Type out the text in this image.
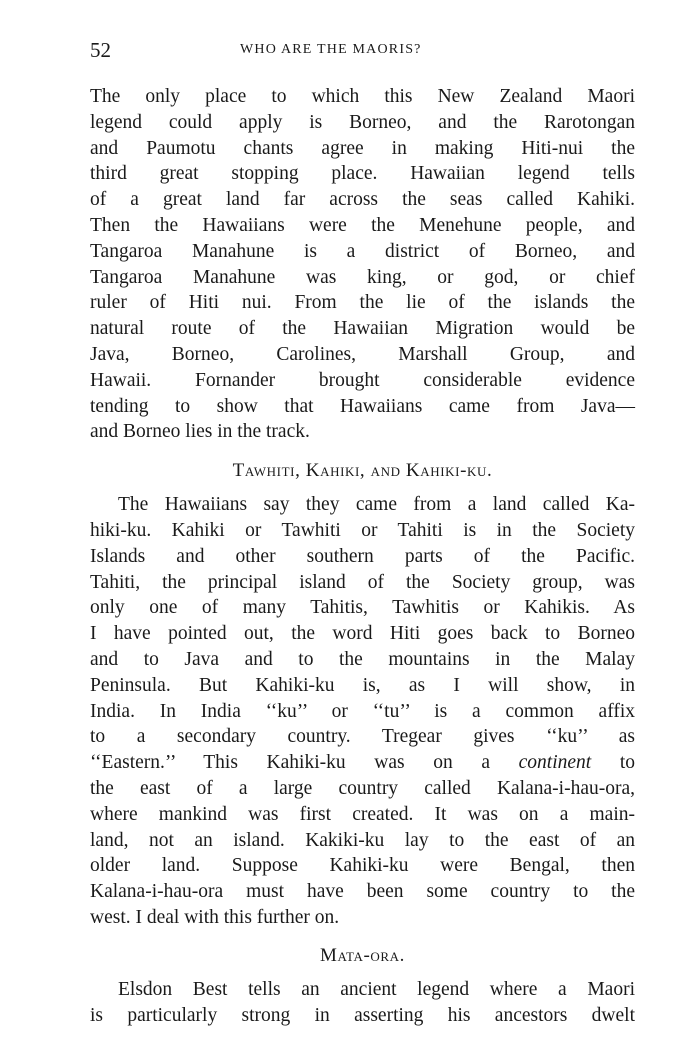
52	WHO ARE THE MAORIS?
The only place to which this New Zealand Maori
legend could apply is Borneo, and the Rarotongan
and Paumotu chants agree in making Hiti-nui the
third great stopping place. Hawaiian legend tells
of a great land far across the seas called Kahiki.
Then the Hawaiians were the Menehune people, and
Tangaroa Manahune is a district of Borneo, and
Tangaroa Manahune was king, or god, or chief
ruler of Hiti nui. From the lie of the islands the
natural route of the Hawaiian Migration would be
Java, Borneo, Carolines, Marshall Group, and
Hawaii. Fornander brought considerable evidence
tending to show that Hawaiians came from Java—
and Borneo lies in the track.
Tawhiti, Kahiki, and Kahiki-ku.
The Hawaiians say they came from a land called Ka-
hiki-ku. Kahiki or Tawhiti or Tahiti is in the Society
Islands and other southern parts of the Pacific.
Tahiti, the principal island of the Society group, was
only one of many Tahitis, Tawhitis or Kahikis. As
I have pointed out, the word Hiti goes back to Borneo
and to Java and to the mountains in the Malay
Peninsula. But Kahiki-ku is, as I will show, in
India. In India ‘‘ku’’ or ‘‘tu’’ is a common affix
to a secondary country. Tregear gives ‘‘ku’’ as
‘‘Eastern.’’ This Kahiki-ku was on a continent to
the east of a large country called Kalana-i-hau-ora,
where mankind was first created. It was on a main-
land, not an island. Kakiki-ku lay to the east of an
older land. Suppose Kahiki-ku were Bengal, then
Kalana-i-hau-ora must have been some country to the
west. I deal with this further on.
Mata-ora.
Elsdon Best tells an ancient legend where a Maori
is particularly strong in asserting his ancestors dwelt
